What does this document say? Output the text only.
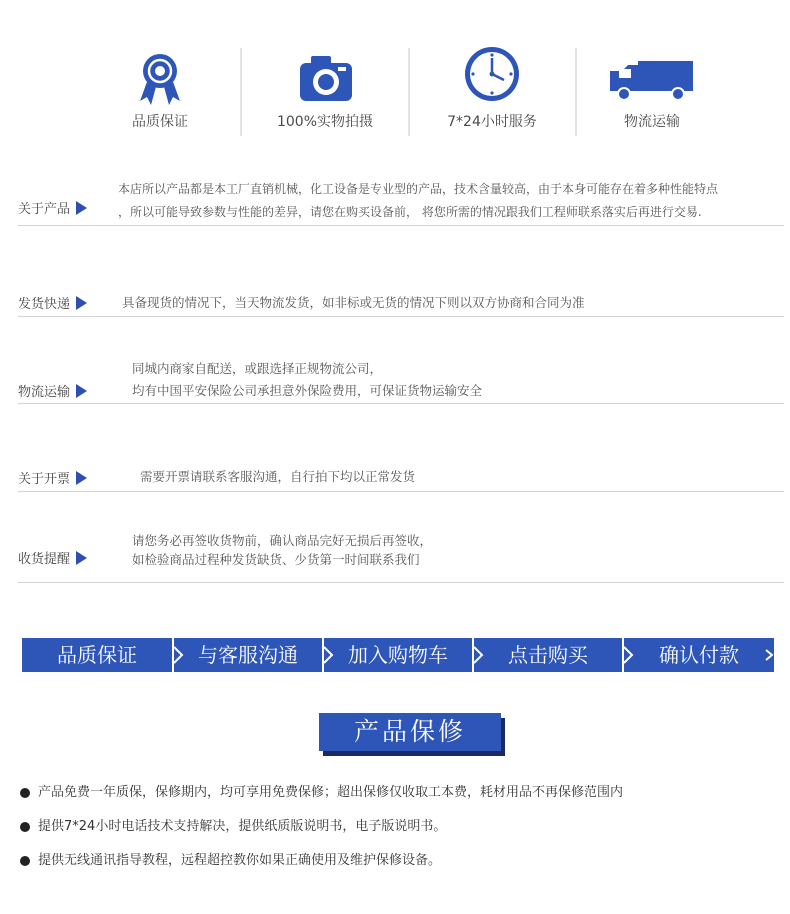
品质保证	100%实物拍摄	7*24小时服务	物流运输
关于产品
本店所以产品都是本工厂直销机械，化工设备是专业型的产品，技术含量较高，由于本身可能存在着多种性能特点
，所以可能导致参数与性能的差异，请您在购买设备前， 将您所需的情况跟我们工程师联系落实后再进行交易.
发货快递	具备现货的情况下，当天物流发货，如非标或无货的情况下则以双方协商和合同为准
物流运输
同城内商家自配送，或跟选择正规物流公司，
均有中国平安保险公司承担意外保险费用，可保证货物运输安全
关于开票	需要开票请联系客服沟通，自行拍下均以正常发货
收货提醒
请您务必再签收货物前，确认商品完好无损后再签收，
如检验商品过程种发货缺货、少货第一时间联系我们
品质保证	与客服沟通	加入购物车	点击购买	确认付款
产品保修
产品免费一年质保，保修期内，均可享用免费保修；超出保修仅收取工本费，耗材用品不再保修范围内
提供7*24小时电话技术支持解决，提供纸质版说明书，电子版说明书。
提供无线通讯指导教程，远程超控教你如果正确使用及维护保修设备。
